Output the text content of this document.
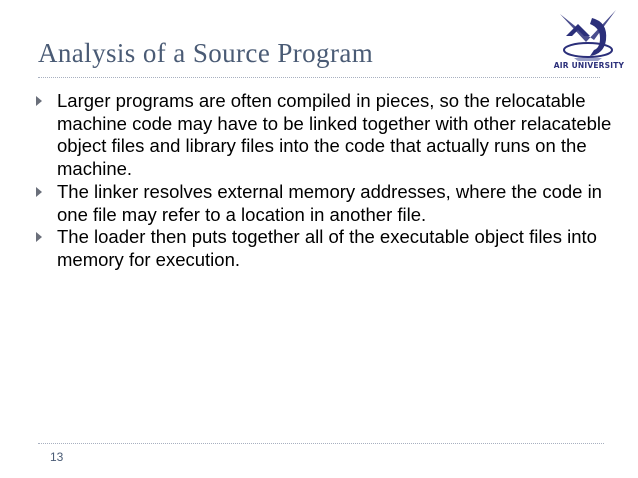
Analysis of a Source Program	AIR UNIVERSITY
Larger programs are often compiled in pieces, so the relocatable machine code may have to be linked together with other relacateble object files and library files into the code that actually runs on the machine.
The linker resolves external memory addresses, where the code in one file may refer to a location in another file.
The loader then puts together all of the executable object files into memory for execution.
13
